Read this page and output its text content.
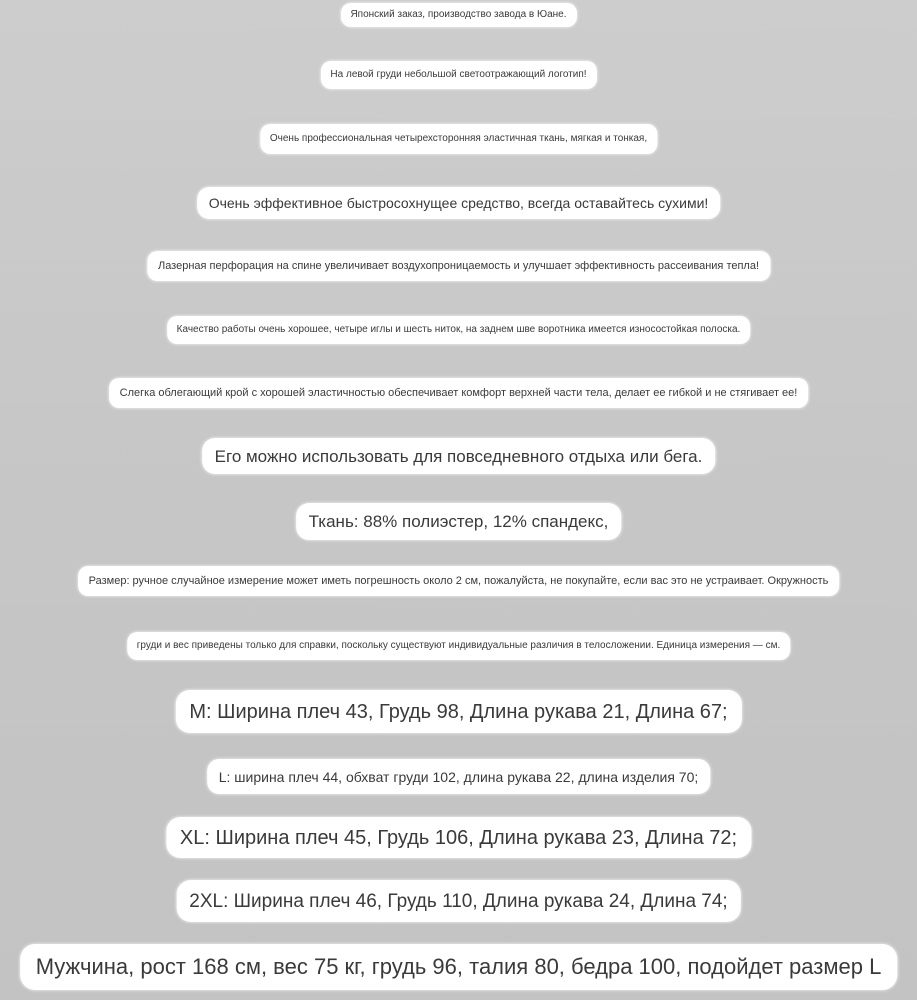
Японский заказ, производство завода в Юане.
На левой груди небольшой светоотражающий логотип!
Очень профессиональная четырехсторонняя эластичная ткань, мягкая и тонкая,
Очень эффективное быстросохнущее средство, всегда оставайтесь сухими!
Лазерная перфорация на спине увеличивает воздухопроницаемость и улучшает эффективность рассеивания тепла!
Качество работы очень хорошее, четыре иглы и шесть ниток, на заднем шве воротника имеется износостойкая полоска.
Слегка облегающий крой с хорошей эластичностью обеспечивает комфорт верхней части тела, делает ее гибкой и не стягивает ее!
Его можно использовать для повседневного отдыха или бега.
Ткань: 88% полиэстер, 12% спандекс,
Размер: ручное случайное измерение может иметь погрешность около 2 см, пожалуйста, не покупайте, если вас это не устраивает. Окружность
груди и вес приведены только для справки, поскольку существуют индивидуальные различия в телосложении. Единица измерения — см.
M: Ширина плеч 43, Грудь 98, Длина рукава 21, Длина 67;
L: ширина плеч 44, обхват груди 102, длина рукава 22, длина изделия 70;
XL: Ширина плеч 45, Грудь 106, Длина рукава 23, Длина 72;
2XL: Ширина плеч 46, Грудь 110, Длина рукава 24, Длина 74;
Мужчина, рост 168 см, вес 75 кг, грудь 96, талия 80, бедра 100, подойдет размер L
